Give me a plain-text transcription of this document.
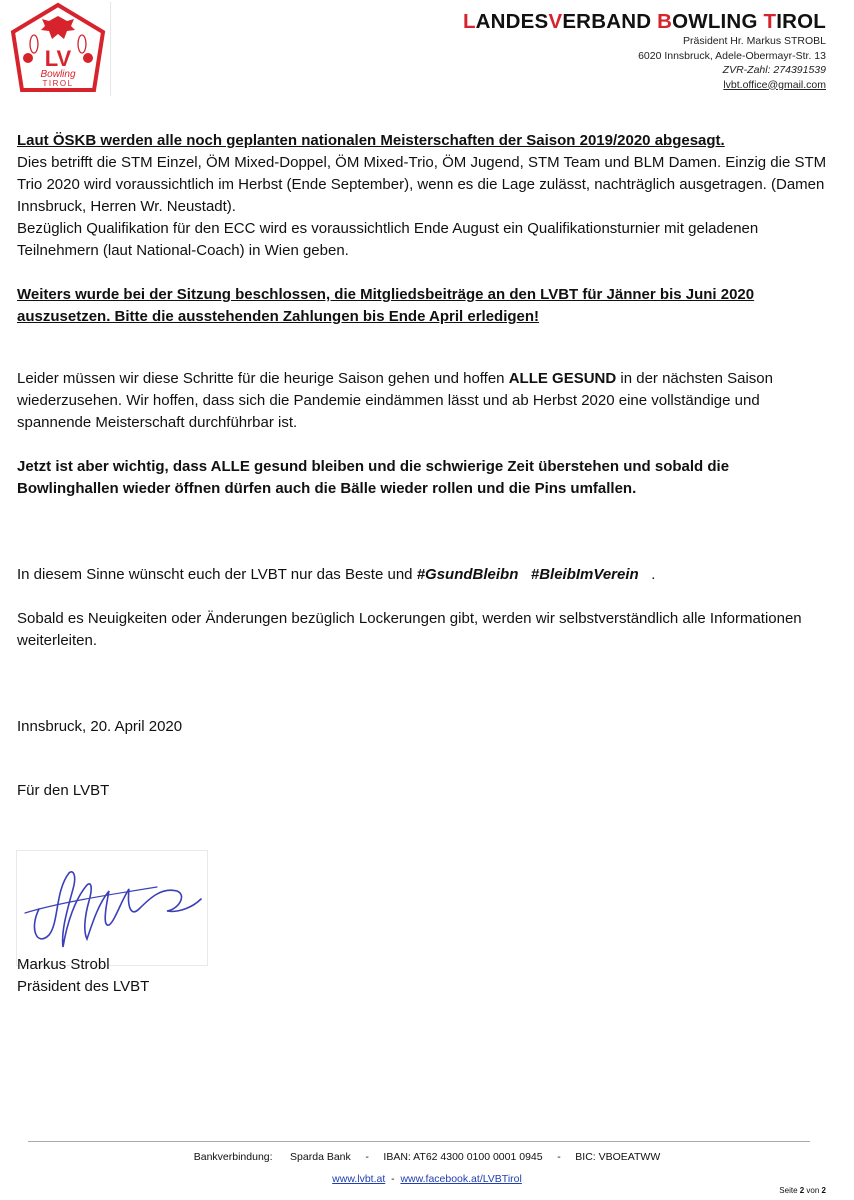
LV
Bowling
TIROL
LANDESVERBAND BOWLING TIROL
Präsident Hr. Markus STROBL
6020 Innsbruck, Adele-Obermayr-Str. 13
ZVR-Zahl: 274391539
lvbt.office@gmail.com
Laut ÖSKB werden alle noch geplanten nationalen Meisterschaften der Saison 2019/2020 abgesagt.
Dies betrifft die STM Einzel, ÖM Mixed-Doppel, ÖM Mixed-Trio, ÖM Jugend, STM Team und BLM Damen. Einzig die STM Trio 2020 wird voraussichtlich im Herbst (Ende September), wenn es die Lage zulässt, nachträglich ausgetragen. (Damen Innsbruck, Herren Wr. Neustadt).
Bezüglich Qualifikation für den ECC wird es voraussichtlich Ende August ein Qualifikationsturnier mit geladenen Teilnehmern (laut National-Coach) in Wien geben.
Weiters wurde bei der Sitzung beschlossen, die Mitgliedsbeiträge an den LVBT für Jänner bis Juni 2020 auszusetzen. Bitte die ausstehenden Zahlungen bis Ende April erledigen!
Leider müssen wir diese Schritte für die heurige Saison gehen und hoffen ALLE GESUND in der nächsten Saison wiederzusehen. Wir hoffen, dass sich die Pandemie eindämmen lässt und ab Herbst 2020 eine vollständige und spannende Meisterschaft durchführbar ist.
Jetzt ist aber wichtig, dass ALLE gesund bleiben und die schwierige Zeit überstehen und sobald die Bowlinghallen wieder öffnen dürfen auch die Bälle wieder rollen und die Pins umfallen.
In diesem Sinne wünscht euch der LVBT nur das Beste und #GsundBleibn   #BleibImVerein   .
Sobald es Neuigkeiten oder Änderungen bezüglich Lockerungen gibt, werden wir selbstverständlich alle Informationen weiterleiten.
Innsbruck, 20. April 2020
Für den LVBT
Markus Strobl
Präsident des LVBT
Bankverbindung:      Sparda Bank     -     IBAN: AT62 4300 0100 0001 0945     -     BIC: VBOEATWW
www.lvbt.at  -  www.facebook.at/LVBTirol
Seite 2 von 2
